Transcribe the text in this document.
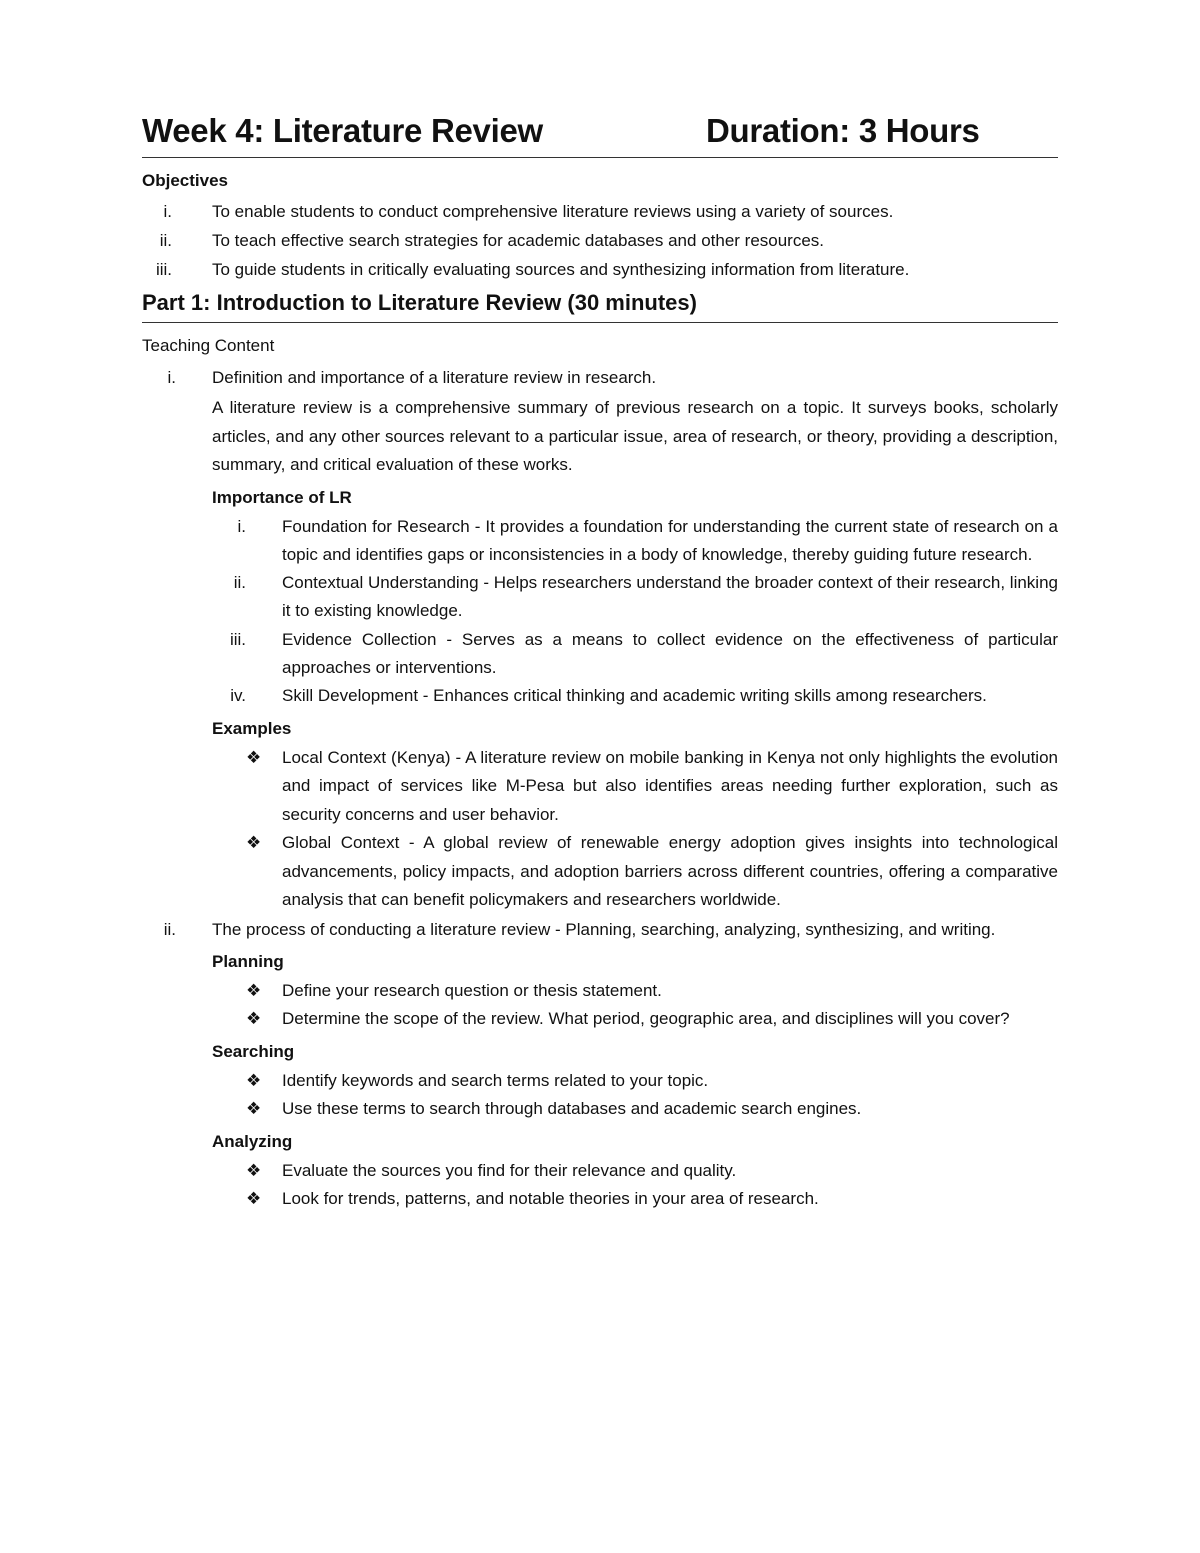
Week 4: Literature Review	Duration: 3 Hours
Objectives
i.	To enable students to conduct comprehensive literature reviews using a variety of sources.
ii.	To teach effective search strategies for academic databases and other resources.
iii.	To guide students in critically evaluating sources and synthesizing information from literature.
Part 1: Introduction to Literature Review (30 minutes)
Teaching Content
i.	Definition and importance of a literature review in research.
A literature review is a comprehensive summary of previous research on a topic. It surveys books, scholarly articles, and any other sources relevant to a particular issue, area of research, or theory, providing a description, summary, and critical evaluation of these works.
Importance of LR
i.	Foundation for Research - It provides a foundation for understanding the current state of research on a topic and identifies gaps or inconsistencies in a body of knowledge, thereby guiding future research.
ii.	Contextual Understanding - Helps researchers understand the broader context of their research, linking it to existing knowledge.
iii.	Evidence Collection - Serves as a means to collect evidence on the effectiveness of particular approaches or interventions.
iv.	Skill Development - Enhances critical thinking and academic writing skills among researchers.
Examples
❖	Local Context (Kenya) - A literature review on mobile banking in Kenya not only highlights the evolution and impact of services like M-Pesa but also identifies areas needing further exploration, such as security concerns and user behavior.
❖	Global Context - A global review of renewable energy adoption gives insights into technological advancements, policy impacts, and adoption barriers across different countries, offering a comparative analysis that can benefit policymakers and researchers worldwide.
ii.	The process of conducting a literature review - Planning, searching, analyzing, synthesizing, and writing.
Planning
❖	Define your research question or thesis statement.
❖	Determine the scope of the review. What period, geographic area, and disciplines will you cover?
Searching
❖	Identify keywords and search terms related to your topic.
❖	Use these terms to search through databases and academic search engines.
Analyzing
❖	Evaluate the sources you find for their relevance and quality.
❖	Look for trends, patterns, and notable theories in your area of research.
